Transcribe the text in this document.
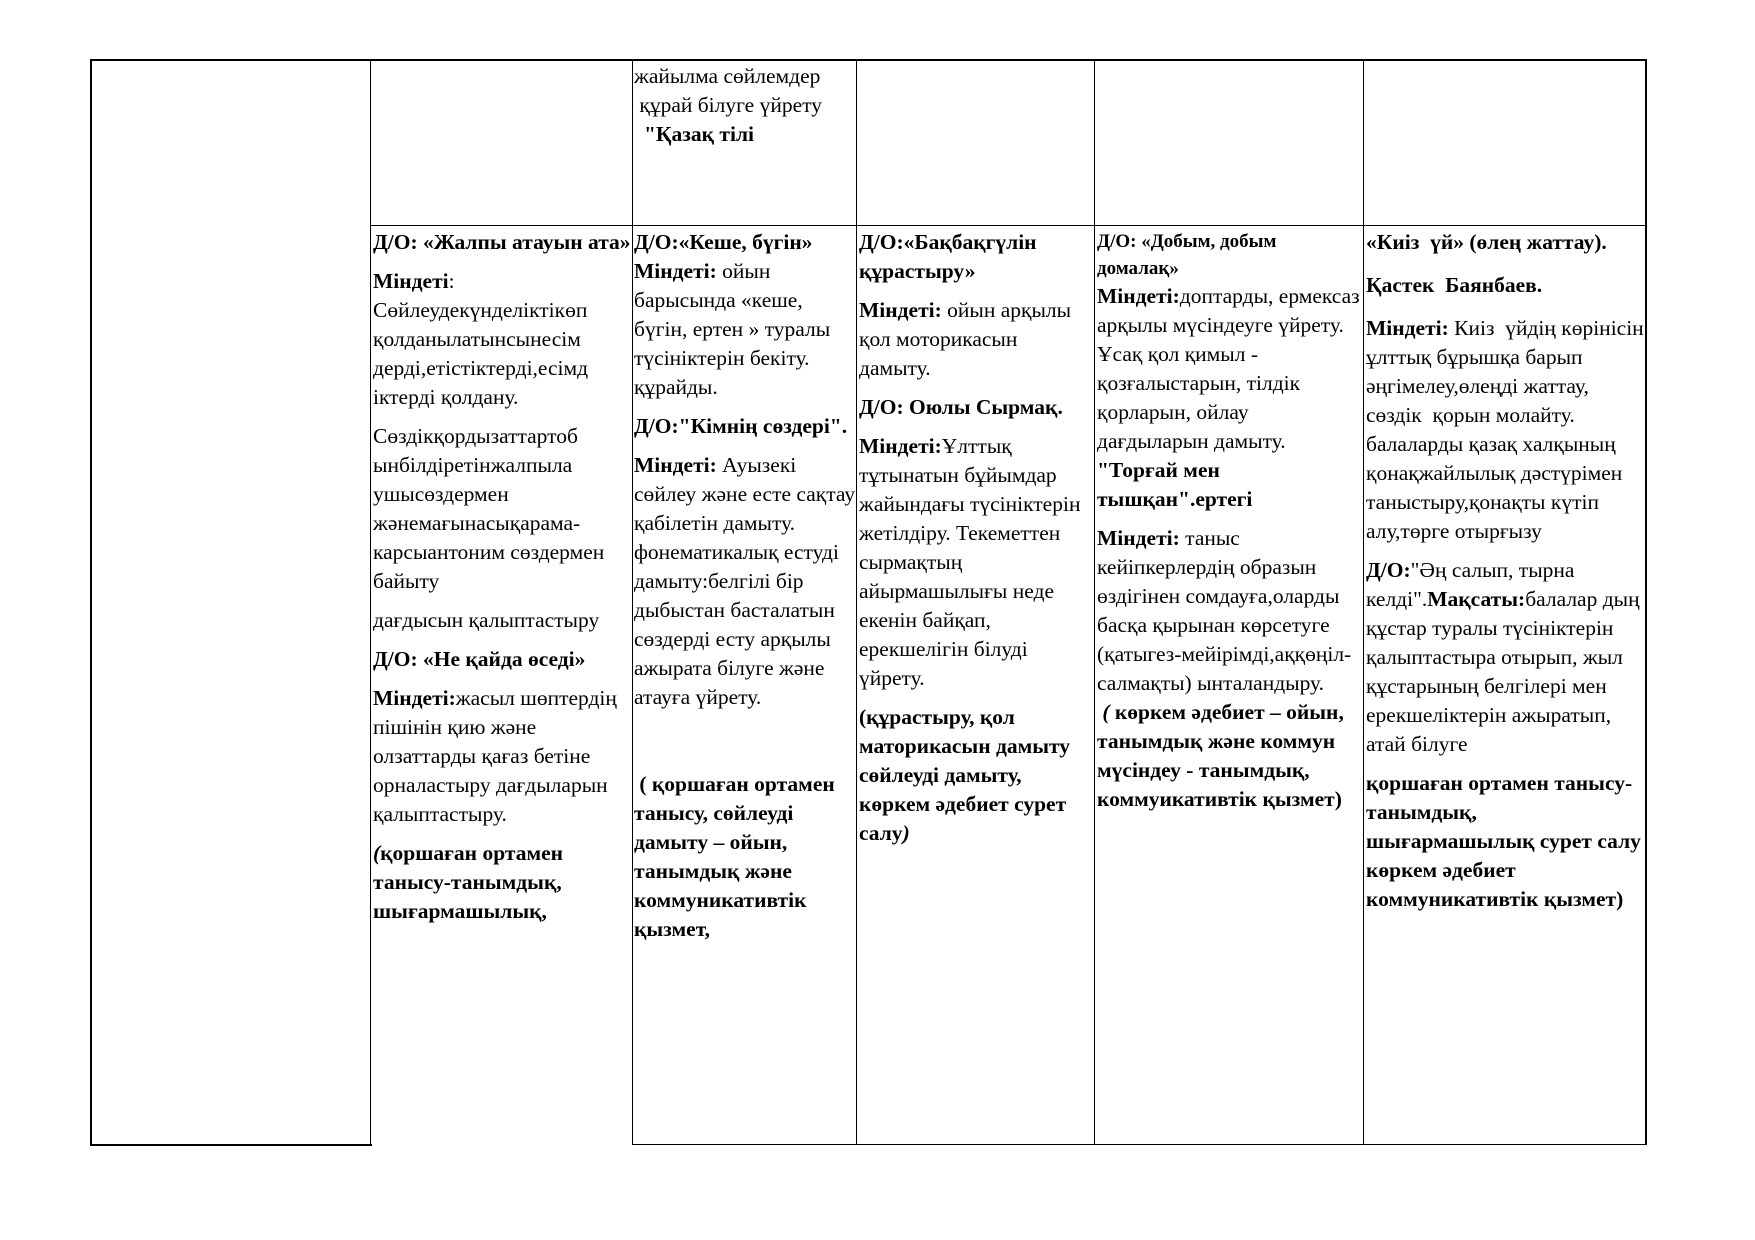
жайылма сөйлемдер

құрай білуге үйрету

"Қазақ тілі

Д/О: «Жалпы атауын ата»

Міндеті: Сөйлеудекүнделіктікөп қолданылатынсынесім дерді,етістіктерді,есімд іктерді қолдану.

Сөздікқордызаттартоб ынбілдіретінжалпыла ушысөздермен жәнемағынасықарама-карсыантоним сөздермен байыту

дағдысын қалыптастыру

Д/О: «Не қайда өседі»

Міндеті:жасыл шөптердің пішінін қию және олзаттарды қағаз бетіне орналастыру дағдыларын қалыптастыру.

(қоршаған ортамен танысу-танымдық, шығармашылық,

Д/О:«Кеше, бүгін»

Міндеті: ойын барысында «кеше, бүгін, ертен » туралы түсініктерін бекіту.

құрайды.

Д/О:"Кімнің сөздері".

Міндеті: Ауызекі сөйлеу және есте сақтау қабілетін дамыту. фонематикалық естуді дамыту:белгілі бір дыбыстан басталатын сөздерді есту арқылы ажырата білуге және атауға үйрету.

( қоршаған ортамен танысу, сөйлеуді дамыту – ойын, танымдық және коммуникативтік қызмет,

Д/О:«Бақбақгүлін құрастыру»

Міндеті: ойын арқылы қол моторикасын дамыту.

Д/О: Оюлы Сырмақ.

Міндеті:Ұлттық тұтынатын бұйымдар жайындағы түсініктерін жетілдіру. Текеметтен сырмақтың айырмашылығы неде екенін байқап, ерекшелігін білуді үйрету.

(құрастыру, қол маторикасын дамыту сөйлеуді дамыту, көркем әдебиет сурет салу)

Д/О: «Добым, добым домалақ»

Міндеті:доптарды, ермексаз арқылы мүсіндеуге үйрету. Ұсақ қол қимыл - қозғалыстарын, тілдік қорларын, ойлау дағдыларын дамыту.

"Торғай мен тышқан".ертегі

Міндеті: таныс кейіпкерлердің образын өздігінен сомдауға,оларды басқа қырынан көрсетуге (қатыгез-мейірімді,аққөңіл-салмақты) ынталандыру.

( көркем әдебиет – ойын, танымдық және коммун мүсіндеу - танымдық, коммуикативтік қызмет)

«Киіз  үй» (өлең жаттау).

Қастек  Баянбаев.

Міндеті: Киіз  үйдің көрінісін ұлттық бұрышқа барып әңгімелеу,өлеңді жаттау, сөздік  қорын молайту. балаларды қазақ халқының қонақжайлылық дәстүрімен таныстыру,қонақты күтіп алу,төрге отырғызу

Д/О:"Әң салып, тырна келді".Мақсаты:балалар дың құстар туралы түсініктерін қалыптастыра отырып, жыл құстарының белгілері мен ерекшеліктерін ажыратып, атай білуге

қоршаған ортамен танысу-танымдық, шығармашылық сурет салу көркем әдебиет коммуникативтік қызмет)
